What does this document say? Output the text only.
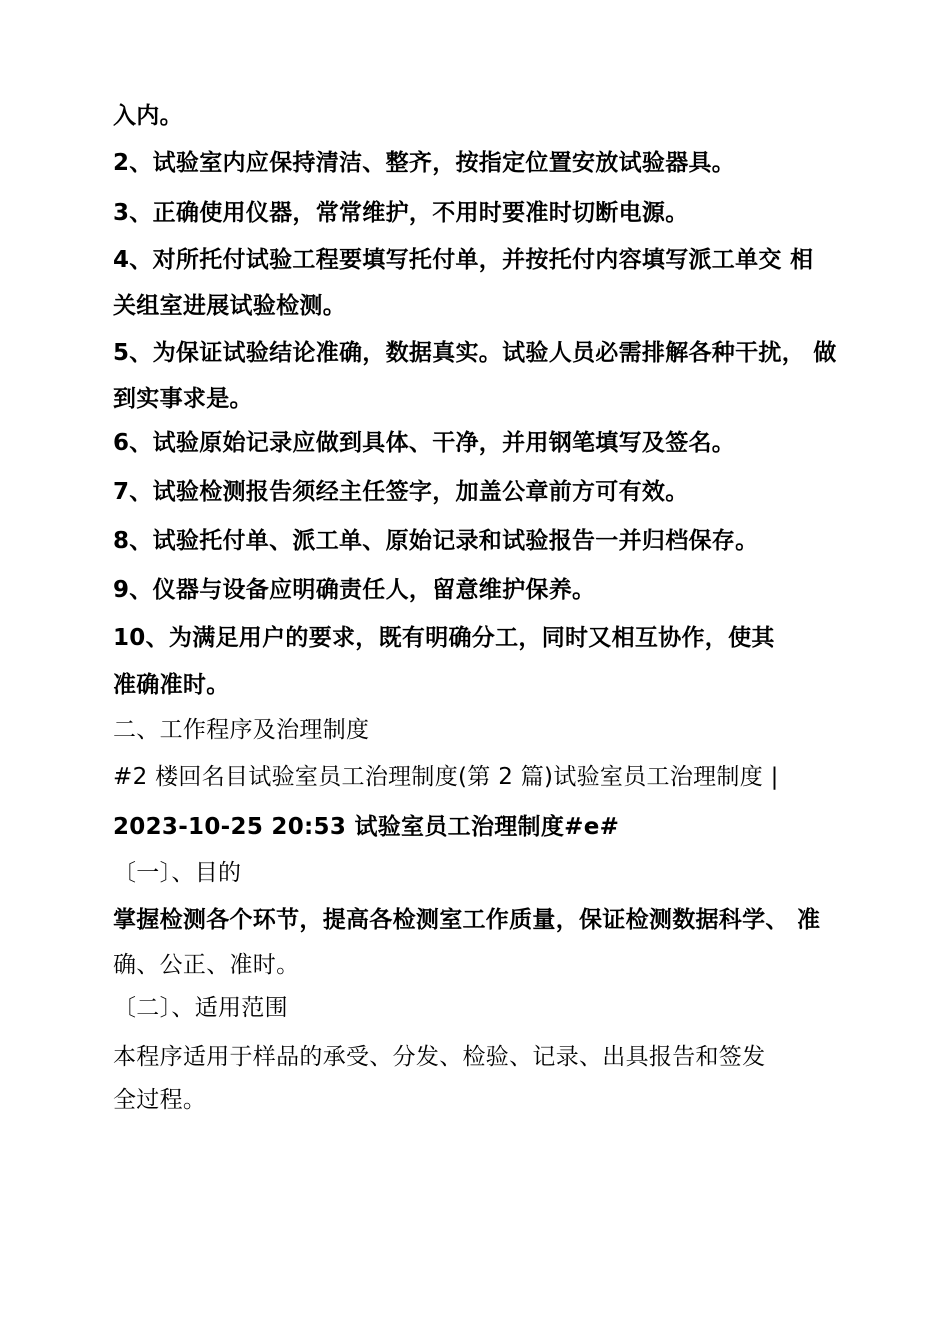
入内。
2、试验室内应保持清洁、整齐，按指定位置安放试验器具。
3、正确使用仪器，常常维护，不用时要准时切断电源。
4、对所托付试验工程要填写托付单，并按托付内容填写派工单交 相
关组室进展试验检测。
5、为保证试验结论准确，数据真实。试验人员必需排解各种干扰， 做
到实事求是。
6、试验原始记录应做到具体、干净，并用钢笔填写及签名。
7、试验检测报告须经主任签字，加盖公章前方可有效。
8、试验托付单、派工单、原始记录和试验报告一并归档保存。
9、仪器与设备应明确责任人，留意维护保养。
10、为满足用户的要求，既有明确分工，同时又相互协作，使其
准确准时。
二、工作程序及治理制度
#2 楼回名目试验室员工治理制度(第 2 篇)试验室员工治理制度 |
2023-10-25 20:53 试验室员工治理制度#e#
〔一〕、目的
掌握检测各个环节，提高各检测室工作质量，保证检测数据科学、 准
确、公正、准时。
〔二〕、适用范围
本程序适用于样品的承受、分发、检验、记录、出具报告和签发
全过程。
